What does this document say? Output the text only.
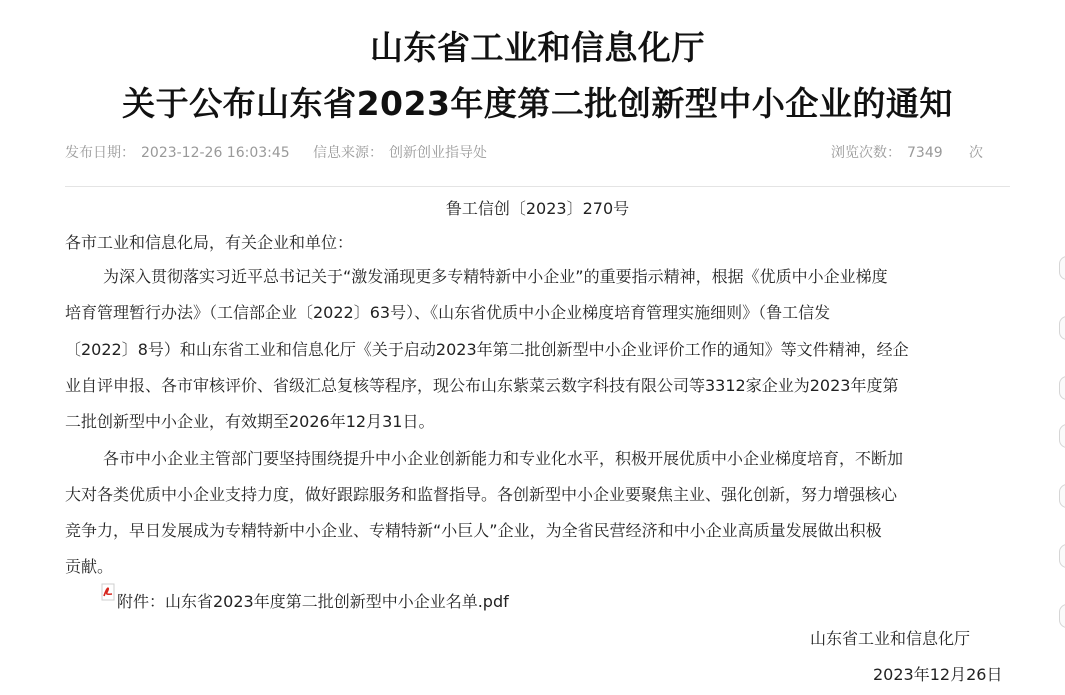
山东省工业和信息化厅
关于公布山东省2023年度第二批创新型中小企业的通知
发布日期： 2023-12-26 16:03:45 信息来源： 创新创业指导处	浏览次数： 7349 次
鲁工信创〔2023〕270号
各市工业和信息化局，有关企业和单位：
为深入贯彻落实习近平总书记关于“激发涌现更多专精特新中小企业”的重要指示精神，根据《优质中小企业梯度
培育管理暂行办法》（工信部企业〔2022〕63号）、《山东省优质中小企业梯度培育管理实施细则》（鲁工信发
〔2022〕8号）和山东省工业和信息化厅《关于启动2023年第二批创新型中小企业评价工作的通知》等文件精神，经企
业自评申报、各市审核评价、省级汇总复核等程序，现公布山东紫菜云数字科技有限公司等3312家企业为2023年度第
二批创新型中小企业，有效期至2026年12月31日。
各市中小企业主管部门要坚持围绕提升中小企业创新能力和专业化水平，积极开展优质中小企业梯度培育，不断加
大对各类优质中小企业支持力度，做好跟踪服务和监督指导。各创新型中小企业要聚焦主业、强化创新，努力增强核心
竞争力，早日发展成为专精特新中小企业、专精特新“小巨人”企业，为全省民营经济和中小企业高质量发展做出积极
贡献。
附件：山东省2023年度第二批创新型中小企业名单.pdf
山东省工业和信息化厅
2023年12月26日
